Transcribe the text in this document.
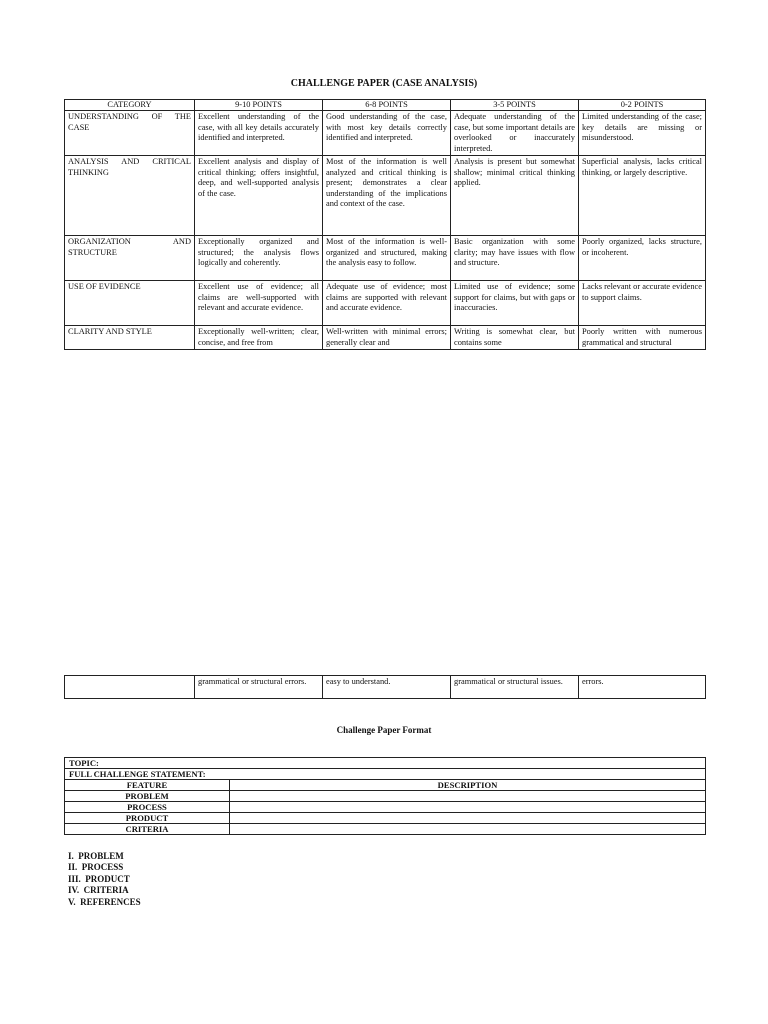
CHALLENGE PAPER (CASE ANALYSIS)
CATEGORY	9-10 POINTS	6-8 POINTS	3-5 POINTS	0-2 POINTS
UNDERSTANDING OF THE CASE	Excellent understanding of the case, with all key details accurately identified and interpreted.	Good understanding of the case, with most key details correctly identified and interpreted.	Adequate understanding of the case, but some important details are overlooked or inaccurately interpreted.	Limited understanding of the case; key details are missing or misunderstood.
ANALYSIS AND CRITICAL THINKING	Excellent analysis and display of critical thinking; offers insightful, deep, and well-supported analysis of the case.	Most of the information is well analyzed and critical thinking is present; demonstrates a clear understanding of the implications and context of the case.	Analysis is present but somewhat shallow; minimal critical thinking applied.	Superficial analysis, lacks critical thinking, or largely descriptive.
ORGANIZATION AND STRUCTURE	Exceptionally organized and structured; the analysis flows logically and coherently.	Most of the information is well-organized and structured, making the analysis easy to follow.	Basic organization with some clarity; may have issues with flow and structure.	Poorly organized, lacks structure, or incoherent.
USE OF EVIDENCE	Excellent use of evidence; all claims are well-supported with relevant and accurate evidence.	Adequate use of evidence; most claims are supported with relevant and accurate evidence.	Limited use of evidence; some support for claims, but with gaps or inaccuracies.	Lacks relevant or accurate evidence to support claims.
CLARITY AND STYLE	Exceptionally well-written; clear, concise, and free from	Well-written with minimal errors; generally clear and	Writing is somewhat clear, but contains some	Poorly written with numerous grammatical and structural
	grammatical or structural errors.	easy to understand.	grammatical or structural issues.	errors.
Challenge Paper Format
TOPIC:	
FULL CHALLENGE STATEMENT:	
FEATURE	DESCRIPTION
PROBLEM	
PROCESS	
PRODUCT	
CRITERIA	
I.  PROBLEM
II.  PROCESS
III.  PRODUCT
IV.  CRITERIA
V.  REFERENCES
